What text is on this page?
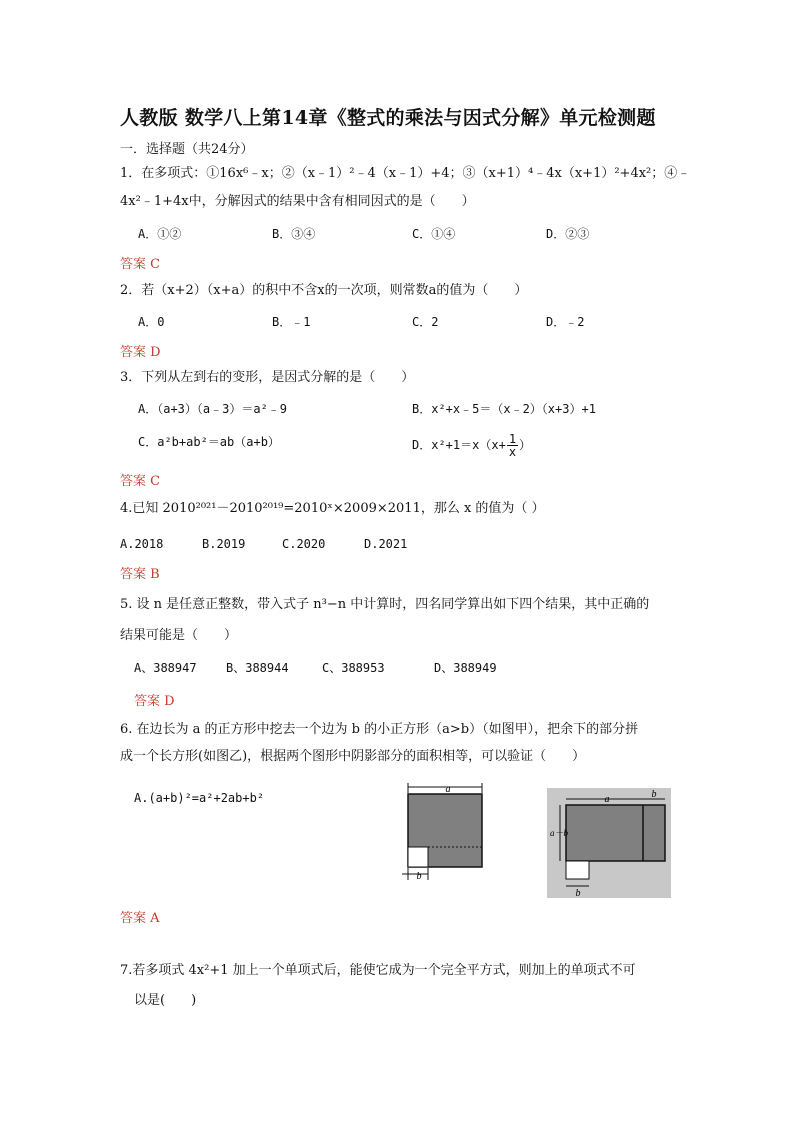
人教版 数学八上第14章《整式的乘法与因式分解》单元检测题
一．选择题（共24分）
1．在多项式：①16x⁶﹣x；②（x﹣1）²﹣4（x﹣1）+4；③（x+1）⁴﹣4x（x+1）²+4x²；④﹣
4x²﹣1+4x中，分解因式的结果中含有相同因式的是（　　）
A．①②	B．③④	C．①④	D．②③
答案 C
2．若（x+2）（x+a）的积中不含x的一次项，则常数a的值为（　　）
A．0	B．﹣1	C．2	D．﹣2
答案 D
3．下列从左到右的变形，是因式分解的是（　　）
A．（a+3）（a﹣3）＝a²﹣9	B．x²+x﹣5＝（x﹣2）（x+3）+1
C．a²b+ab²＝ab（a+b）	D．$x^2+1=x(x+ \frac{1}{x}$ ）
答案 C
4.已知 2010²⁰²¹－2010²⁰¹⁹=2010ˣ×2009×2011，那么 x 的值为（ ）
A.2018	B.2019	C.2020	D.2021
答案 B
5. 设 n 是任意正整数，带入式子 n³−n 中计算时，四名同学算出如下四个结果，其中正确的
结果可能是（　　）
A、388947 B、388944	C、388953	D、388949
答案 D
6. 在边长为 a 的正方形中挖去一个边为 b 的小正方形（a>b）（如图甲），把余下的部分拼
成一个长方形(如图乙)，根据两个图形中阴影部分的面积相等，可以验证（　　）
A.(a+b)²=a²+2ab+b²
a
b
a	b
a－b
b
答案 A
7.若多项式 4x²+1 加上一个单项式后，能使它成为一个完全平方式，则加上的单项式不可
以是(　　)
